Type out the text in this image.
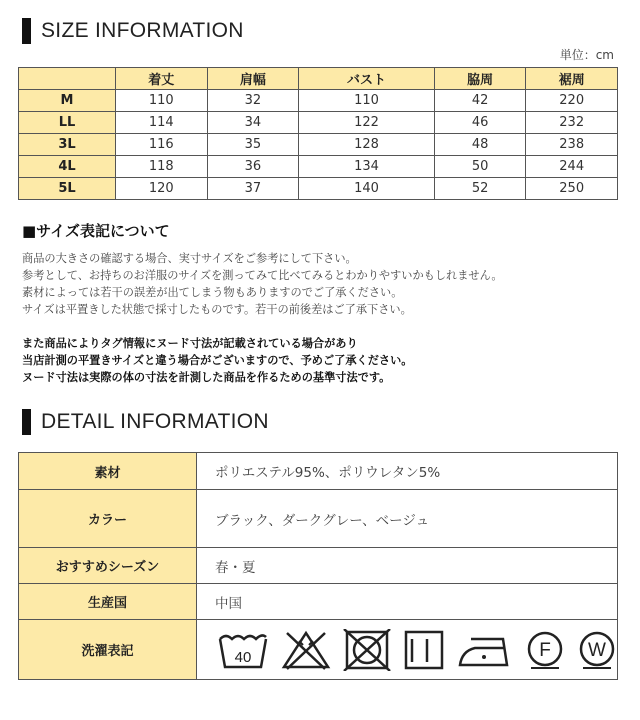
SIZE INFORMATION
単位：cm
	着丈	肩幅	バスト	脇周	裾周
M	110	32	110	42	220
LL	114	34	122	46	232
3L	116	35	128	48	238
4L	118	36	134	50	244
5L	120	37	140	52	250
■サイズ表記について
商品の大きさの確認する場合、実寸サイズをご参考にして下さい。
参考として、お持ちのお洋服のサイズを測ってみて比べてみるとわかりやすいかもしれません。
素材によっては若干の誤差が出てしまう物もありますのでご了承ください。
サイズは平置きした状態で採寸したものです。若干の前後差はご了承下さい。
また商品によりタグ情報にヌード寸法が記載されている場合があり
当店計測の平置きサイズと違う場合がございますので、予めご了承ください。
ヌード寸法は実際の体の寸法を計測した商品を作るための基準寸法です。
DETAIL INFORMATION
素材	ポリエステル95%、ポリウレタン5%
カラー	ブラック、ダークグレー、ベージュ
おすすめシーズン	春・夏
生産国	中国
洗濯表記	40 F W
